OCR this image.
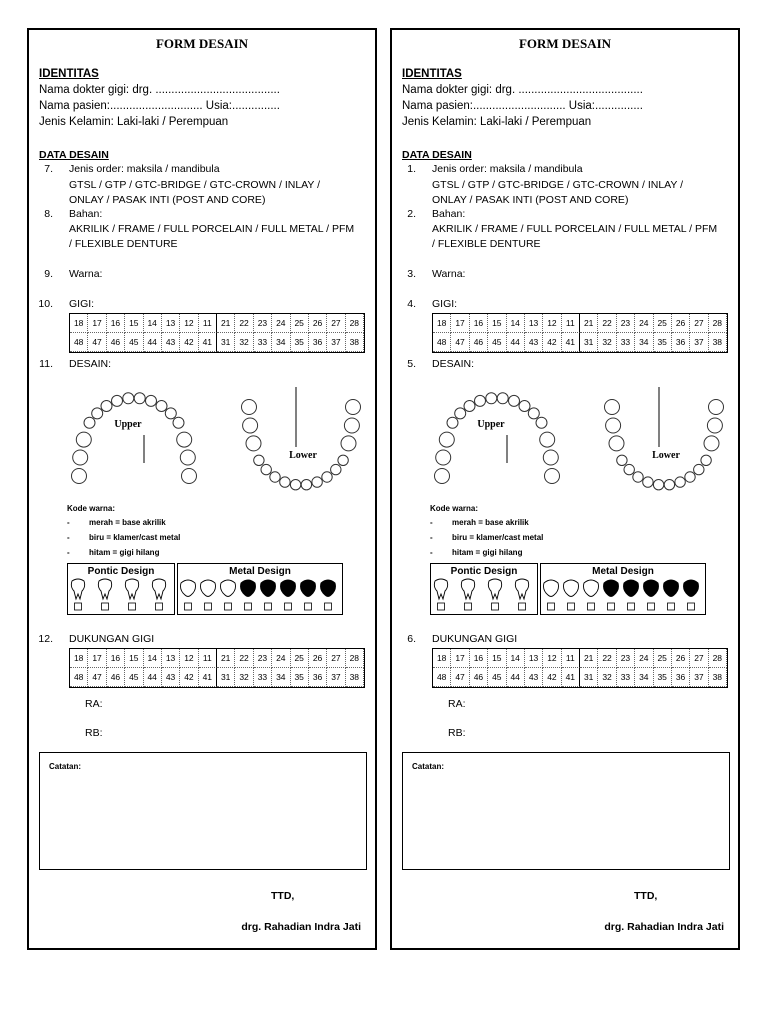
FORM DESAIN
IDENTITAS
Nama dokter gigi: drg. .......................................
Nama pasien:............................. Usia:...............
Jenis Kelamin: Laki-laki / Perempuan
DATA DESAIN
7. Jenis order: maksila / mandibula
GTSL / GTP / GTC-BRIDGE / GTC-CROWN / INLAY /
ONLAY / PASAK INTI (POST AND CORE)
8. Bahan:
AKRILIK / FRAME / FULL PORCELAIN / FULL METAL / PFM
/ FLEXIBLE DENTURE
9. Warna:
10. GIGI:
18	17	16	15	14	13	12	11	21	22	23	24	25	26	27	28
48	47	46	45	44	43	42	41	31	32	33	34	35	36	37	38
11. DESAIN:
Upper
Lower
Kode warna:
- merah = base akrilik
- biru = klamer/cast metal
- hitam = gigi hilang
Pontic Design	Metal Design
12. DUKUNGAN GIGI
18	17	16	15	14	13	12	11	21	22	23	24	25	26	27	28
48	47	46	45	44	43	42	41	31	32	33	34	35	36	37	38
RA:
RB:
Catatan:
TTD,
drg. Rahadian Indra Jati
FORM DESAIN
IDENTITAS
Nama dokter gigi: drg. .......................................
Nama pasien:............................. Usia:...............
Jenis Kelamin: Laki-laki / Perempuan
DATA DESAIN
1. Jenis order: maksila / mandibula
GTSL / GTP / GTC-BRIDGE / GTC-CROWN / INLAY /
ONLAY / PASAK INTI (POST AND CORE)
2. Bahan:
AKRILIK / FRAME / FULL PORCELAIN / FULL METAL / PFM
/ FLEXIBLE DENTURE
3. Warna:
4. GIGI:
18	17	16	15	14	13	12	11	21	22	23	24	25	26	27	28
48	47	46	45	44	43	42	41	31	32	33	34	35	36	37	38
5. DESAIN:
Upper
Lower
Kode warna:
- merah = base akrilik
- biru = klamer/cast metal
- hitam = gigi hilang
Pontic Design	Metal Design
6. DUKUNGAN GIGI
18	17	16	15	14	13	12	11	21	22	23	24	25	26	27	28
48	47	46	45	44	43	42	41	31	32	33	34	35	36	37	38
RA:
RB:
Catatan:
TTD,
drg. Rahadian Indra Jati
